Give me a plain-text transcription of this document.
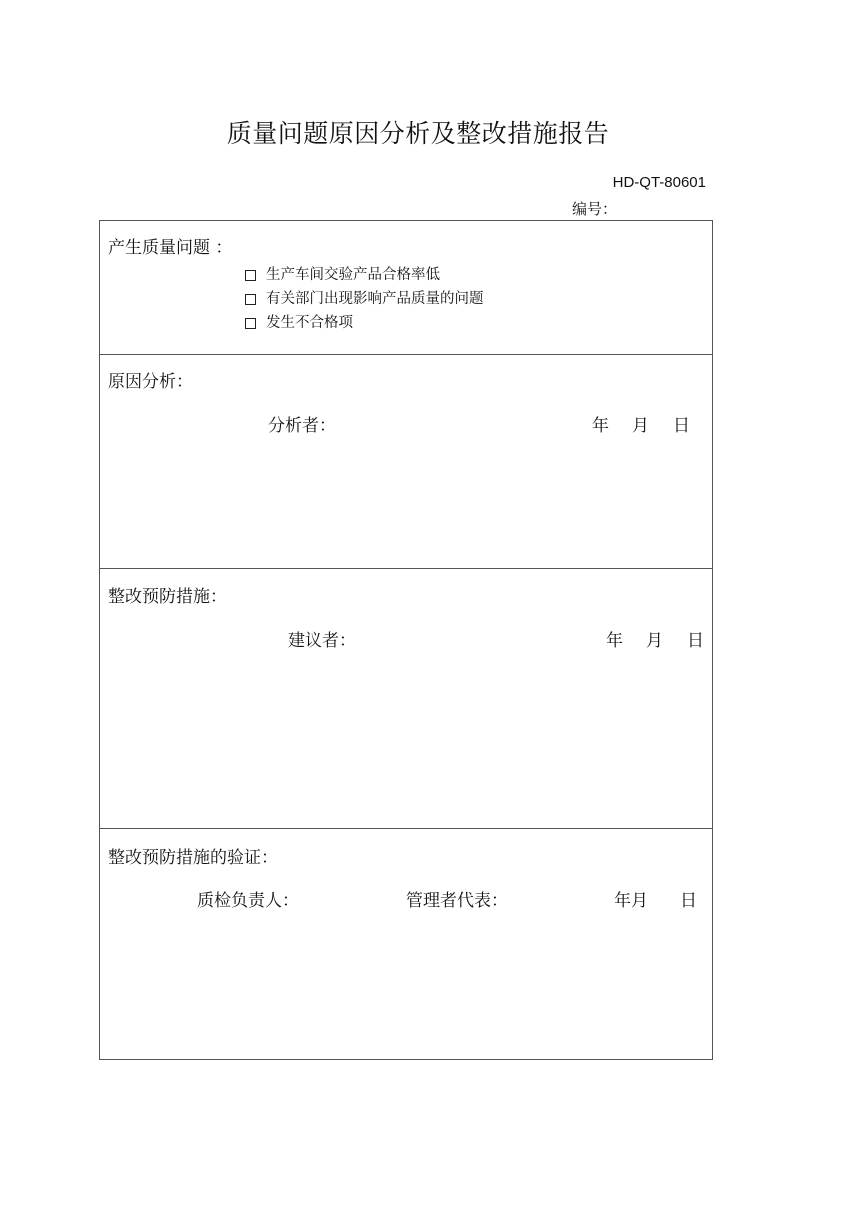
质量问题原因分析及整改措施报告
HD-QT-80601
编号：
产生质量问题 ：
生产车间交验产品合格率低
有关部门出现影响产品质量的问题
发生不合格项
原因分析：
分析者：	年 月 日
整改预防措施：
建议者：	年 月 日
整改预防措施的验证：
质检负责人：	管理者代表：	年月 日
